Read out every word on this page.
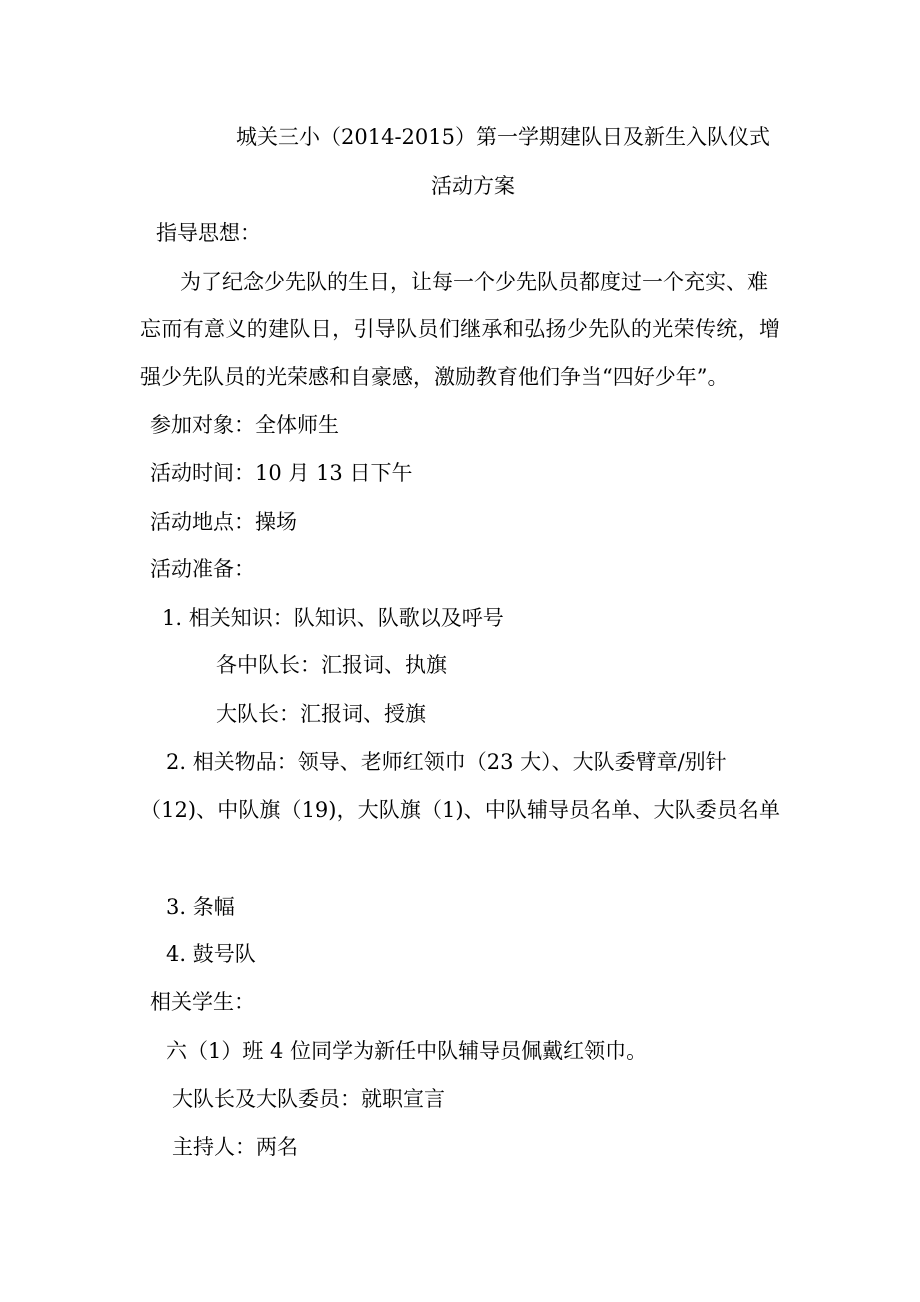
城关三小（2014-2015）第一学期建队日及新生入队仪式
活动方案
指导思想：
为了纪念少先队的生日，让每一个少先队员都度过一个充实、难
忘而有意义的建队日，引导队员们继承和弘扬少先队的光荣传统，增
强少先队员的光荣感和自豪感，激励教育他们争当“四好少年”。
参加对象：全体师生
活动时间：10 月 13 日下午
活动地点：操场
活动准备：
1. 相关知识：队知识、队歌以及呼号
各中队长：汇报词、执旗
大队长：汇报词、授旗
2. 相关物品：领导、老师红领巾（23 大）、大队委臂章/别针
（12)、中队旗（19)，大队旗（1)、中队辅导员名单、大队委员名单
3. 条幅
4. 鼓号队
相关学生：
六（1）班 4 位同学为新任中队辅导员佩戴红领巾。
大队长及大队委员：就职宣言
主持人：两名
